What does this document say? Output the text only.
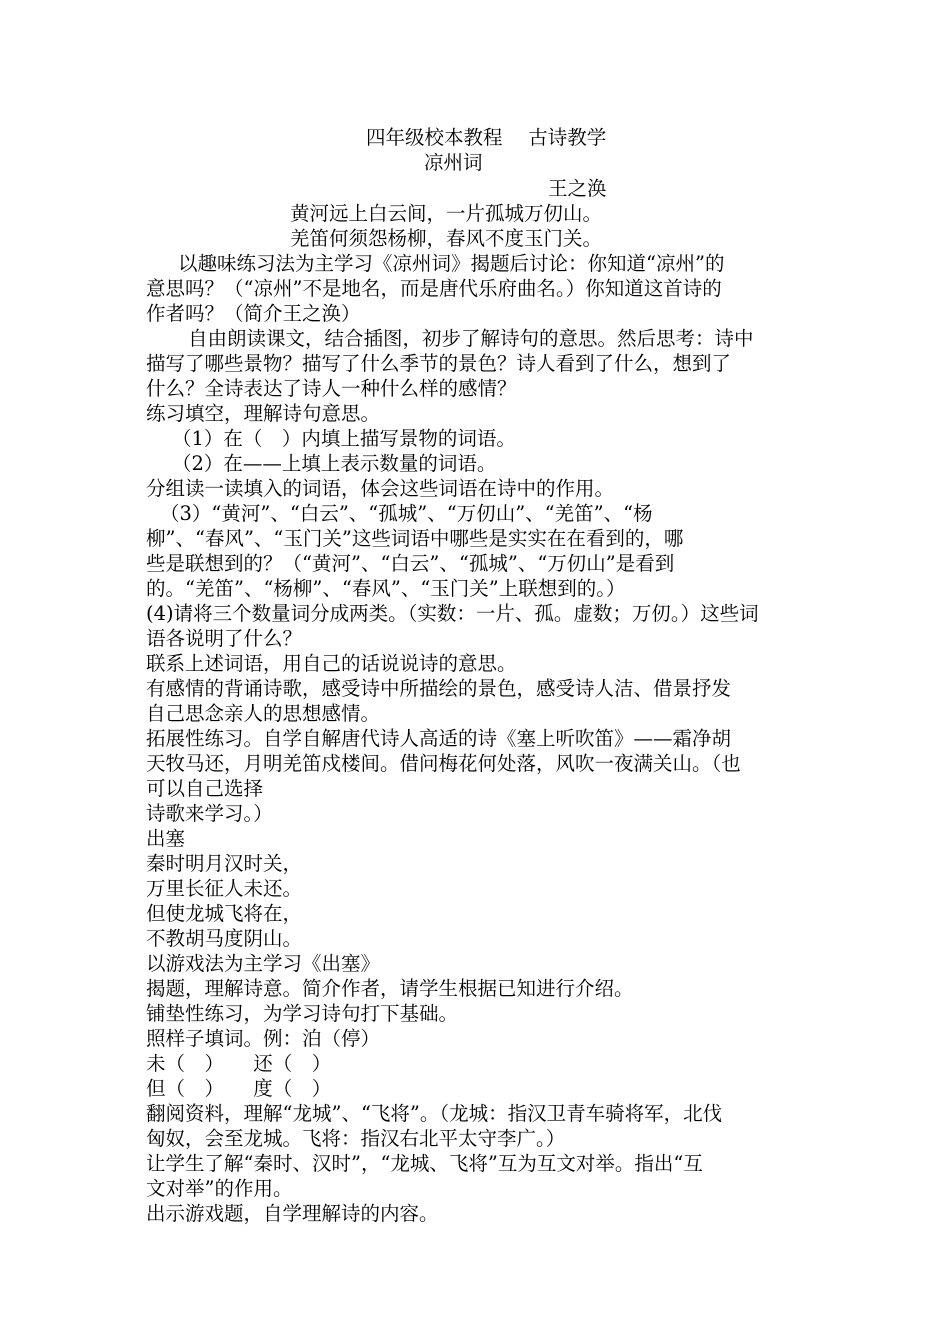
四年级校本教程　 古诗教学
凉州词
王之涣
黄河远上白云间，一片孤城万仞山。
羌笛何须怨杨柳，春风不度玉门关。
以趣味练习法为主学习《凉州词》揭题后讨论：你知道“凉州”的
意思吗？（“凉州”不是地名，而是唐代乐府曲名。）你知道这首诗的
作者吗？（简介王之涣）
自由朗读课文，结合插图，初步了解诗句的意思。然后思考：诗中
描写了哪些景物？描写了什么季节的景色？诗人看到了什么，想到了
什么？全诗表达了诗人一种什么样的感情？
练习填空，理解诗句意思。
（1）在（　）内填上描写景物的词语。
（2）在——上填上表示数量的词语。
分组读一读填入的词语，体会这些词语在诗中的作用。
（3）“黄河”、“白云”、“孤城”、“万仞山”、“羌笛”、“杨
柳”、“春风”、“玉门关”这些词语中哪些是实实在在看到的，哪
些是联想到的？（“黄河”、“白云”、“孤城”、“万仞山”是看到
的。“羌笛”、“杨柳”、“春风”、“玉门关”上联想到的。）
(4)请将三个数量词分成两类。（实数：一片、孤。虚数；万仞。）这些词
语各说明了什么？
联系上述词语，用自己的话说说诗的意思。
有感情的背诵诗歌，感受诗中所描绘的景色，感受诗人洁、借景抒发
自己思念亲人的思想感情。
拓展性练习。自学自解唐代诗人高适的诗《塞上听吹笛》——霜净胡
天牧马还，月明羌笛戍楼间。借问梅花何处落，风吹一夜满关山。（也
可以自己选择
诗歌来学习。）
出塞
秦时明月汉时关，
万里长征人未还。
但使龙城飞将在，
不教胡马度阴山。
以游戏法为主学习《出塞》
揭题，理解诗意。简介作者，请学生根据已知进行介绍。
铺垫性练习，为学习诗句打下基础。
照样子填词。例：泊（停）
未（　）　　还（　）
但（　）　　度（　）
翻阅资料，理解“龙城”、“飞将”。（龙城：指汉卫青车骑将军，北伐
匈奴，会至龙城。飞将：指汉右北平太守李广。）
让学生了解“秦时、汉时”，“龙城、飞将”互为互文对举。指出“互
文对举”的作用。
出示游戏题，自学理解诗的内容。
